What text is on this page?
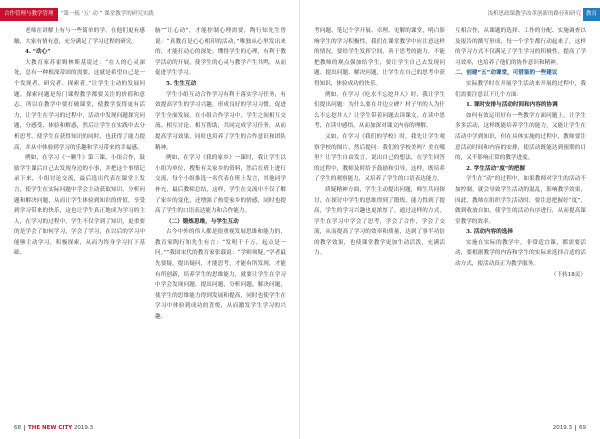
合作管理与教学管理 “第一板 ‘五’ 动 ” 课堂教学的研究实践

老师在讲解上有与一些简单的学，在他们更有感触，大家有情有意，充分满足了学习过程的研究。

4. “动心”

大教育家苏霍姆林斯基说过：“在人的心灵深处，总有一种根深蒂固的需要，这就是希望自己是一个发现者、研究者、探索者。”让学生主动的发展问题，探索问题是每门课程教学都要关注的价值和意志，所以在教学中要打破课堂，使教学变得更有活力，让学生在学习的过程中，活动中发现问题探究问题，分感受、体验和解惑，然后让学生在实践中去分析思考，使学生在获得知识的同时，也获得了能力提高，并从中体验到学习的乐趣和学习带来的幸福感。

例如，在学习《一颗牛》第三课，小组合作，鼓励学生课后自己去发现身边的小事，并把这个事情记录下来，小组讨论交流，最后选出代表在课堂上发言，使学生在实际问题中学会主动获取知识、分析问题和解决问题，从而让学生体验到知识的价值，享受到学习带来的快乐，这也让学生真正地成为学习的主人，在学习的过程中，学生不仅学到了知识，更重要的是学会了如何学习，学会了学习，在以后的学习中能够主动学习，积极探索，从而为终身学习打下基础。

脑”“让心动”，才能控制心理需要，陶行知先生曾说：“真教育是心心相印的活动，”唯独从心里发出来的，才能打动心的深处。懂得学生的心理，有利于教学活动的开展，使学生的心灵与教学产生共鸣，从而促进学生学习。

5. 生生互动

学生小组互动合作学习有利于落实学习任务，有效提高学生的学习兴趣，形成良好的学习习惯，促进学生全面发展。在小组合作学习中，学生之间相互交流、相互讨论、相互帮助，共同完成学习任务，从而提高学习效果，同时也培养了学生的合作意识和团队精神。

例如，在学习《我的家乡》一课时，我让学生以小组为单位，搜集有关家乡的资料，然后在班上进行交流，每个小组推选一名代表在班上发言，其他同学补充，最后教师总结，这样，学生在交流中不仅了解了家乡的变化，还增强了热爱家乡的情感，同时也提高了学生的口语表达能力和合作能力。

（二）锻炼思维，与学生互动

古今中外的伟人都是很重视发展思维和能力的，教育家陶行知先生有言：“发明千千万，起点是一问。””我国宋代的教育家张载说：“学则须疑，”学者最先要疑，提出疑问，才能思考，才能有所发现，才能有所创新，培养学生的思维能力，就要让学生在学习中学会发现问题、提出问题、分析问题、解决问题，使学生的思维能力得到发展和提高，同时也使学生在学习中体验到成功的喜悦，从而激发学生学习的兴趣。

68 THE NEW CITY 2019.3
浅析思政课教学改革创新的路径和研究 教育

考问题、笔记个学开展、卓理、见解的课堂，明白影响学生的学习积极性，我们在课堂教学中应注意这样的情况，要给学生发挥空间，善于思考的能力，不能把教师的观点强加给学生，要让学生自己去发现问题、提出问题、解决问题，让学生在自己的思考中获得知识，体验成功的快乐。

例如，在学习《吃水不忘挖井人》时，我让学生们提出问题：为什么要在井边立碑？村子里的人为什么不忘挖井人？让学生带着问题去读课文，在读中思考，在读中感悟，从而加深对课文内容的理解。

又如，在学习《我们的学校》时，我先让学生观察学校的图片，然后提问：我们的学校美吗？美在哪里？让学生自由发言，说出自己的想法，在学生回答的过程中，教师及时给予鼓励和引导，这样，既培养了学生的观察能力，又培养了学生的口语表达能力。

质疑精神方面，学生主动提出问题，师生共同探讨，在探讨中学生的思维得到了锻炼，能力得到了提高，学生的学习兴趣也更浓厚了。通过这样的方式，学生在学习中学会了思考，学会了合作，学会了交流，从而提高了学习的效率和质量，达到了事半功倍的教学效果，也使课堂教学更加生动活泼，充满活力。

互相合作，从课题的选择、工作的分配、实施调查以及报告的撰写形成，每一个学生都行动起来了，这样的学习方式不仅满足了学生学习的积极性，提高了学习效率，也培养了他们的协作意识和精神。

二、创建“五”动课堂，可借鉴的一些建议

实际教学时在开展学生活动来开展的过程中，我们需要注意以下几个方面：

1. 课时安排与活动时间和内容的协调

如何有效运用好有一些教学方面问题上，让学生多多活动，这样既能培养学生的能力，又能让学生在活动中学到知识，但在具体实施的过程中，教师要注意活动时间和内容的安排，使活动既能达到预期的目的，又不影响正常的教学进度。

2. 学生活动“度”的把握

学生在“动”的过程中，如果教师对学生的活动不加控制，就会导致学生活动的混乱，影响教学效果，因此，教师在组织学生活动时，要注意把握好“度”，做到收放自如，使学生的活动有序进行，从而提高课堂教学的效率。

3. 活动内容的选择

实施在实际的教学中，非常适宜课，都需要活动，要根据教学的内容和学生的实际来选择合适的活动方式，使活动真正为教学服务。

（下转18页）

2019.3 69
